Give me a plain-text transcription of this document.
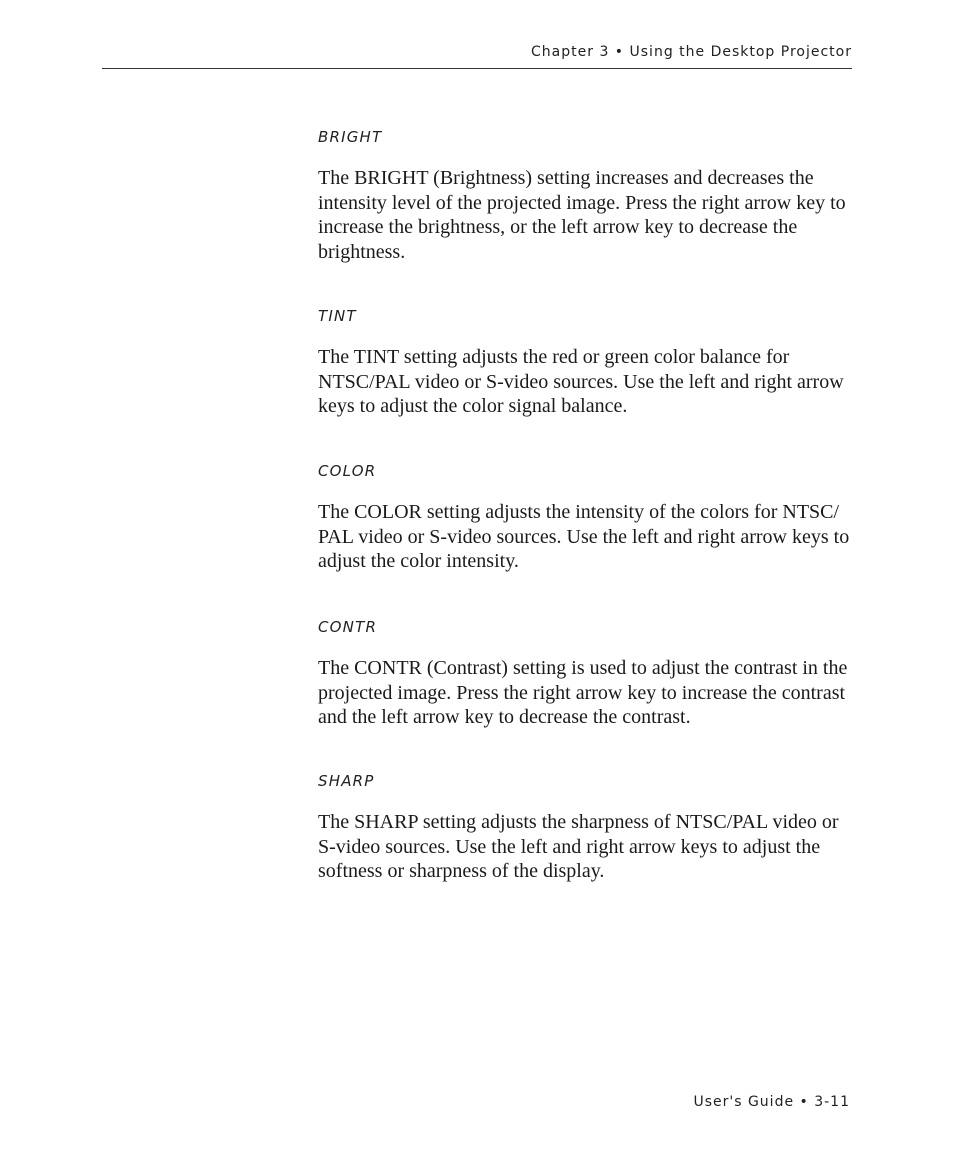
Chapter 3 • Using the Desktop Projector
BRIGHT

The BRIGHT (Brightness) setting increases and decreases the intensity level of the projected image. Press the right arrow key to increase the brightness, or the left arrow key to decrease the brightness.

TINT

The TINT setting adjusts the red or green color balance for NTSC/PAL video or S-video sources. Use the left and right arrow keys to adjust the color signal balance.

COLOR

The COLOR setting adjusts the intensity of the colors for NTSC/ PAL video or S-video sources. Use the left and right arrow keys to adjust the color intensity.

CONTR

The CONTR (Contrast) setting is used to adjust the contrast in the projected image. Press the right arrow key to increase the contrast and the left arrow key to decrease the contrast.

SHARP

The SHARP setting adjusts the sharpness of NTSC/PAL video or S-video sources. Use the left and right arrow keys to adjust the softness or sharpness of the display.

User's Guide • 3-11
